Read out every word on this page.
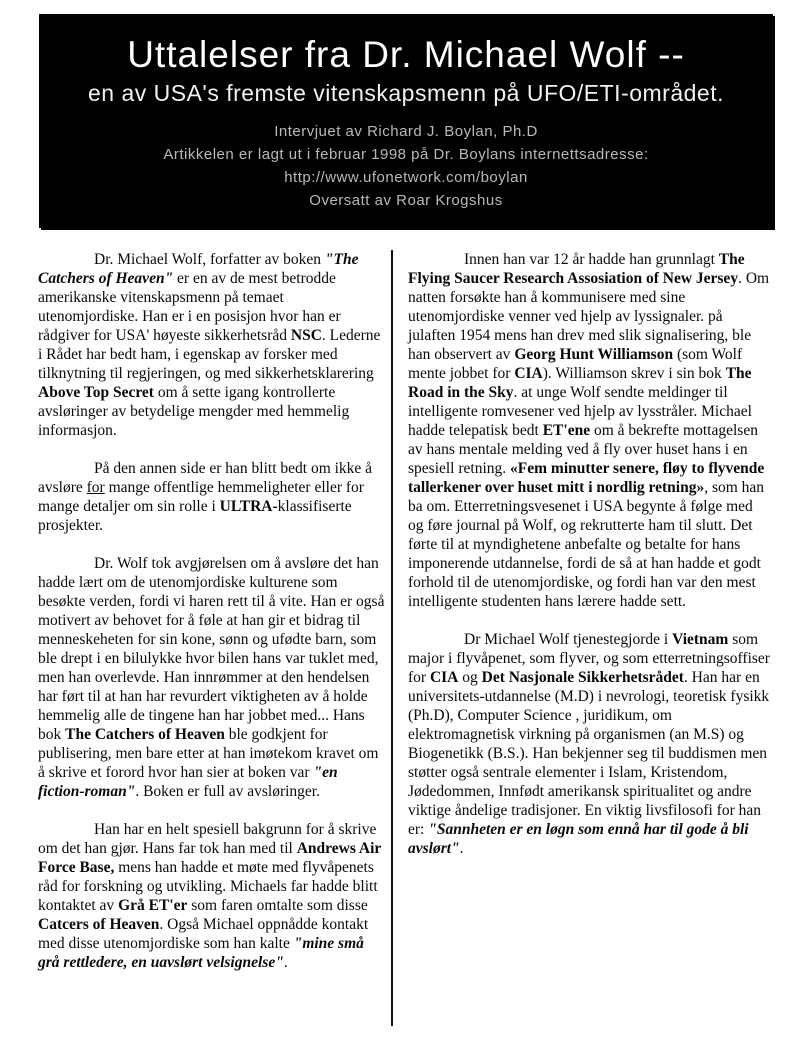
Uttalelser fra Dr. Michael Wolf --
en av USA's fremste vitenskapsmenn på UFO/ETI-området.
Intervjuet av Richard J. Boylan, Ph.D
Artikkelen er lagt ut i februar 1998 på Dr. Boylans internettsadresse:
http://www.ufonetwork.com/boylan
Oversatt av Roar Krogshus

Dr. Michael Wolf, forfatter av boken "The Catchers of Heaven" er en av de mest betrodde amerikanske vitenskapsmenn på temaet utenomjordiske. Han er i en posisjon hvor han er rådgiver for USA' høyeste sikkerhetsråd NSC. Lederne i Rådet har bedt ham, i egenskap av forsker med tilknytning til regjeringen, og med sikkerhetsklarering Above Top Secret om å sette igang kontrollerte avsløringer av betydelige mengder med hemmelig informasjon.

På den annen side er han blitt bedt om ikke å avsløre for mange offentlige hemmeligheter eller for mange detaljer om sin rolle i ULTRA-klassifiserte prosjekter.

Dr. Wolf tok avgjørelsen om å avsløre det han hadde lært om de utenomjordiske kulturene som besøkte verden, fordi vi haren rett til å vite. Han er også motivert av behovet for å føle at han gir et bidrag til menneskeheten for sin kone, sønn og ufødte barn, som ble drept i en bilulykke hvor bilen hans var tuklet med, men han overlevde. Han innrømmer at den hendelsen har ført til at han har revurdert viktigheten av å holde hemmelig alle de tingene han har jobbet med... Hans bok The Catchers of Heaven ble godkjent for publisering, men bare etter at han imøtekom kravet om å skrive et forord hvor han sier at boken var "en fiction-roman". Boken er full av avsløringer.

Han har en helt spesiell bakgrunn for å skrive om det han gjør. Hans far tok han med til Andrews Air Force Base, mens han hadde et møte med flyvåpenets råd for forskning og utvikling. Michaels far hadde blitt kontaktet av Grå ET'er som faren omtalte som disse Catcers of Heaven. Også Michael oppnådde kontakt med disse utenomjordiske som han kalte "mine små grå rettledere, en uavslørt velsignelse".

Innen han var 12 år hadde han grunnlagt The Flying Saucer Research Assosiation of New Jersey. Om natten forsøkte han å kommunisere med sine utenomjordiske venner ved hjelp av lyssignaler. på julaften 1954 mens han drev med slik signalisering, ble han observert av Georg Hunt Williamson (som Wolf mente jobbet for CIA). Williamson skrev i sin bok The Road in the Sky. at unge Wolf sendte meldinger til intelligente romvesener ved hjelp av lysstråler. Michael hadde telepatisk bedt ET'ene om å bekrefte mottagelsen av hans mentale melding ved å fly over huset hans i en spesiell retning. «Fem minutter senere, fløy to flyvende tallerkener over huset mitt i nordlig retning», som han ba om. Etterretningsvesenet i USA begynte å følge med og føre journal på Wolf, og rekrutterte ham til slutt. Det førte til at myndighetene anbefalte og betalte for hans imponerende utdannelse, fordi de så at han hadde et godt forhold til de utenomjordiske, og fordi han var den mest intelligente studenten hans lærere hadde sett.

Dr Michael Wolf tjenestegjorde i Vietnam som major i flyvåpenet, som flyver, og som etterretningsoffiser for CIA og Det Nasjonale Sikkerhetsrådet. Han har en universitets-utdannelse (M.D) i nevrologi, teoretisk fysikk (Ph.D), Computer Science , juridikum, om elektromagnetisk virkning på organismen (an M.S) og Biogenetikk (B.S.). Han bekjenner seg til buddismen men støtter også sentrale elementer i Islam, Kristendom, Jødedommen, Innfødt amerikansk spiritualitet og andre viktige åndelige tradisjoner. En viktig livsfilosofi for han er: "Sannheten er en løgn som ennå har til gode å bli avslørt".
